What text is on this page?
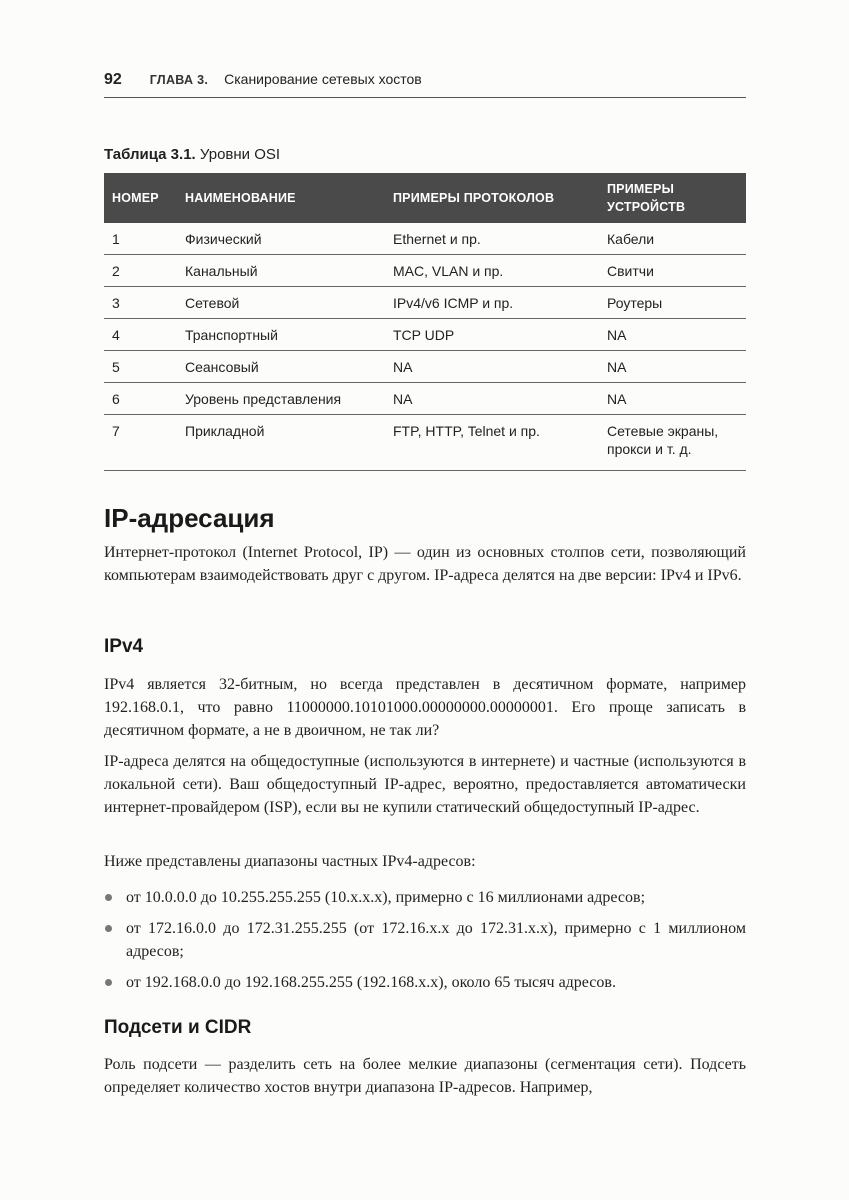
92 ГЛАВА 3. Сканирование сетевых хостов
Таблица 3.1. Уровни OSI
НОМЕР	НАИМЕНОВАНИЕ	ПРИМЕРЫ ПРОТОКОЛОВ	ПРИМЕРЫ УСТРОЙСТВ

1	Физический	Ethernet и пр.	Кабели
2	Канальный	MAC, VLAN и пр.	Свитчи
3	Сетевой	IPv4/v6 ICMP и пр.	Роутеры
4	Транспортный	TCP UDP	NA
5	Сеансовый	NA	NA
6	Уровень представления	NA	NA
7	Прикладной	FTP, HTTP, Telnet и пр.	Сетевые экраны, прокси и т. д.
IP-адресация

Интернет-протокол (Internet Protocol, IP) — один из основных столпов сети, позволяющий компьютерам взаимодействовать друг с другом. IP-адреса делятся на две версии: IPv4 и IPv6.

IPv4

IPv4 является 32-битным, но всегда представлен в десятичном формате, например 192.168.0.1, что равно 11000000.10101000.00000000.00000001. Его проще записать в десятичном формате, а не в двоичном, не так ли?

IP-адреса делятся на общедоступные (используются в интернете) и частные (используются в локальной сети). Ваш общедоступный IP-адрес, вероятно, предоставляется автоматически интернет-провайдером (ISP), если вы не купили статический общедоступный IP-адрес.

Ниже представлены диапазоны частных IPv4-адресов:

от 10.0.0.0 до 10.255.255.255 (10.x.x.x), примерно с 16 миллионами адресов;
от 172.16.0.0 до 172.31.255.255 (от 172.16.x.x до 172.31.x.x), примерно с 1 миллионом адресов;
от 192.168.0.0 до 192.168.255.255 (192.168.x.x), около 65 тысяч адресов.
Подсети и CIDR

Роль подсети — разделить сеть на более мелкие диапазоны (сегментация сети). Подсеть определяет количество хостов внутри диапазона IP-адресов. Например,
